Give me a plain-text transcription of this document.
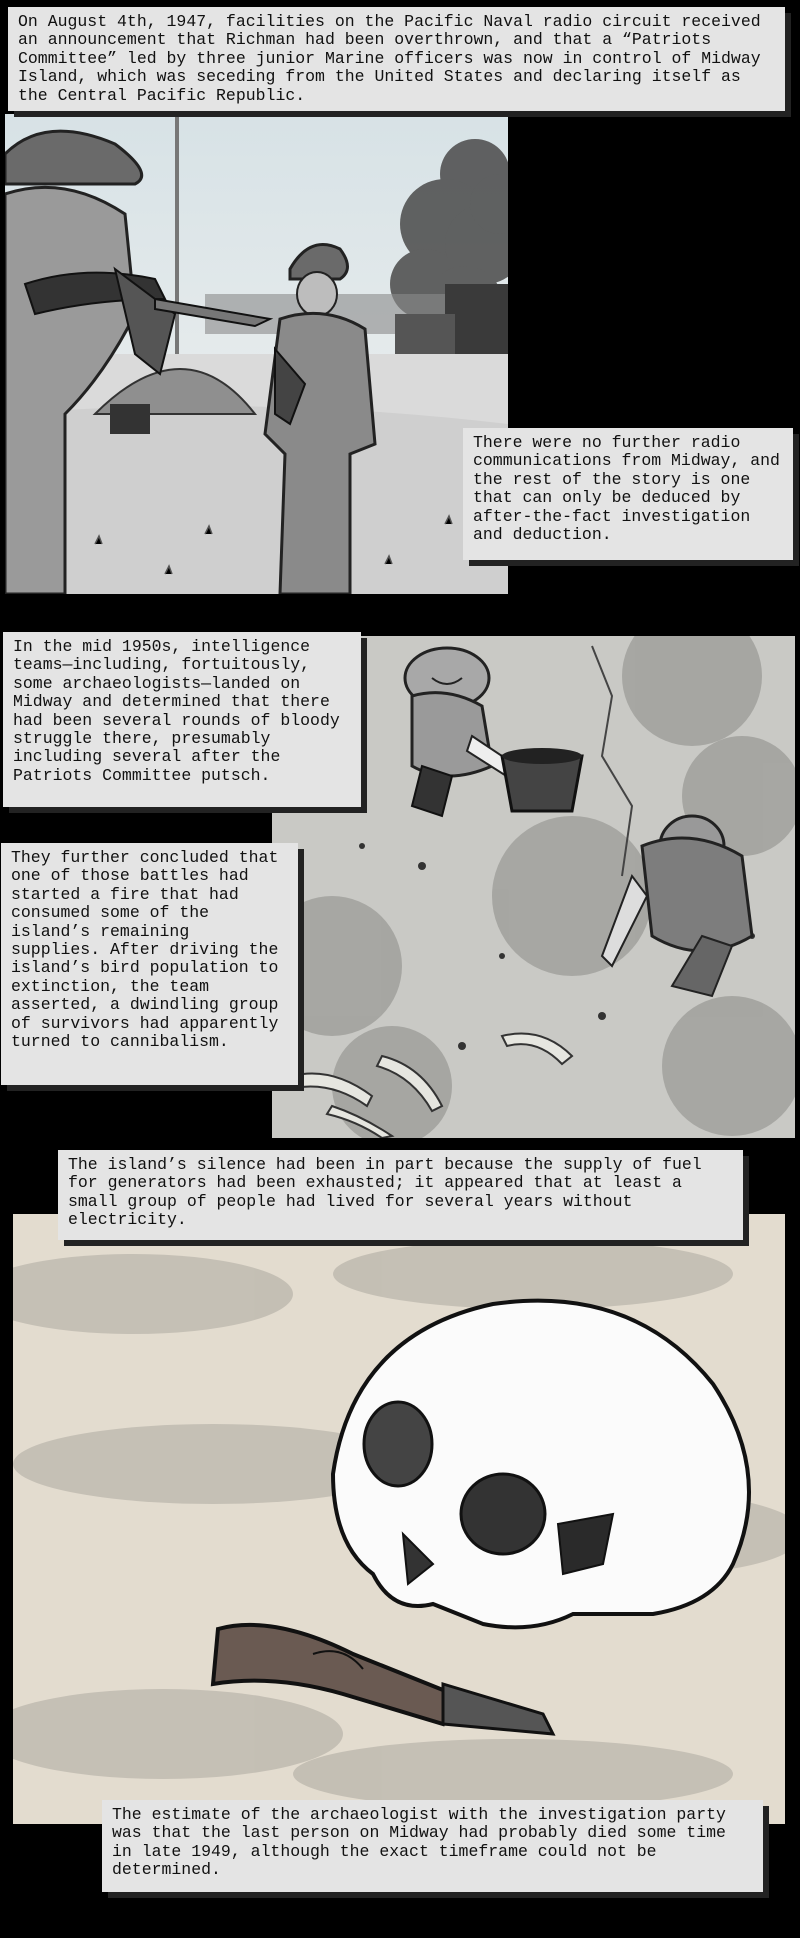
On August 4th, 1947, facilities on the Pacific Naval radio circuit received an announcement that Richman had been overthrown, and that a “Patriots Committee” led by three junior Marine officers was now in control of Midway Island, which was seceding from the United States and declaring itself as the Central Pacific Republic.
There were no further radio communications from Midway, and the rest of the story is one that can only be deduced by after-the-fact investigation and deduction.
In the mid 1950s, intelligence teams—including, fortuitously, some archaeologists—landed on Midway and determined that there had been several rounds of bloody struggle there, presumably including several after the Patriots Committee putsch.
They further concluded that one of those battles had started a fire that had consumed some of the island’s remaining supplies. After driving the island’s bird population to extinction, the team asserted, a dwindling group of survivors had apparently turned to cannibalism.
The island’s silence had been in part because the supply of fuel for generators had been exhausted; it appeared that at least a small group of people had lived for several years without electricity.
The estimate of the archaeologist with the investigation party was that the last person on Midway had probably died some time in late 1949, although the exact timeframe could not be determined.
